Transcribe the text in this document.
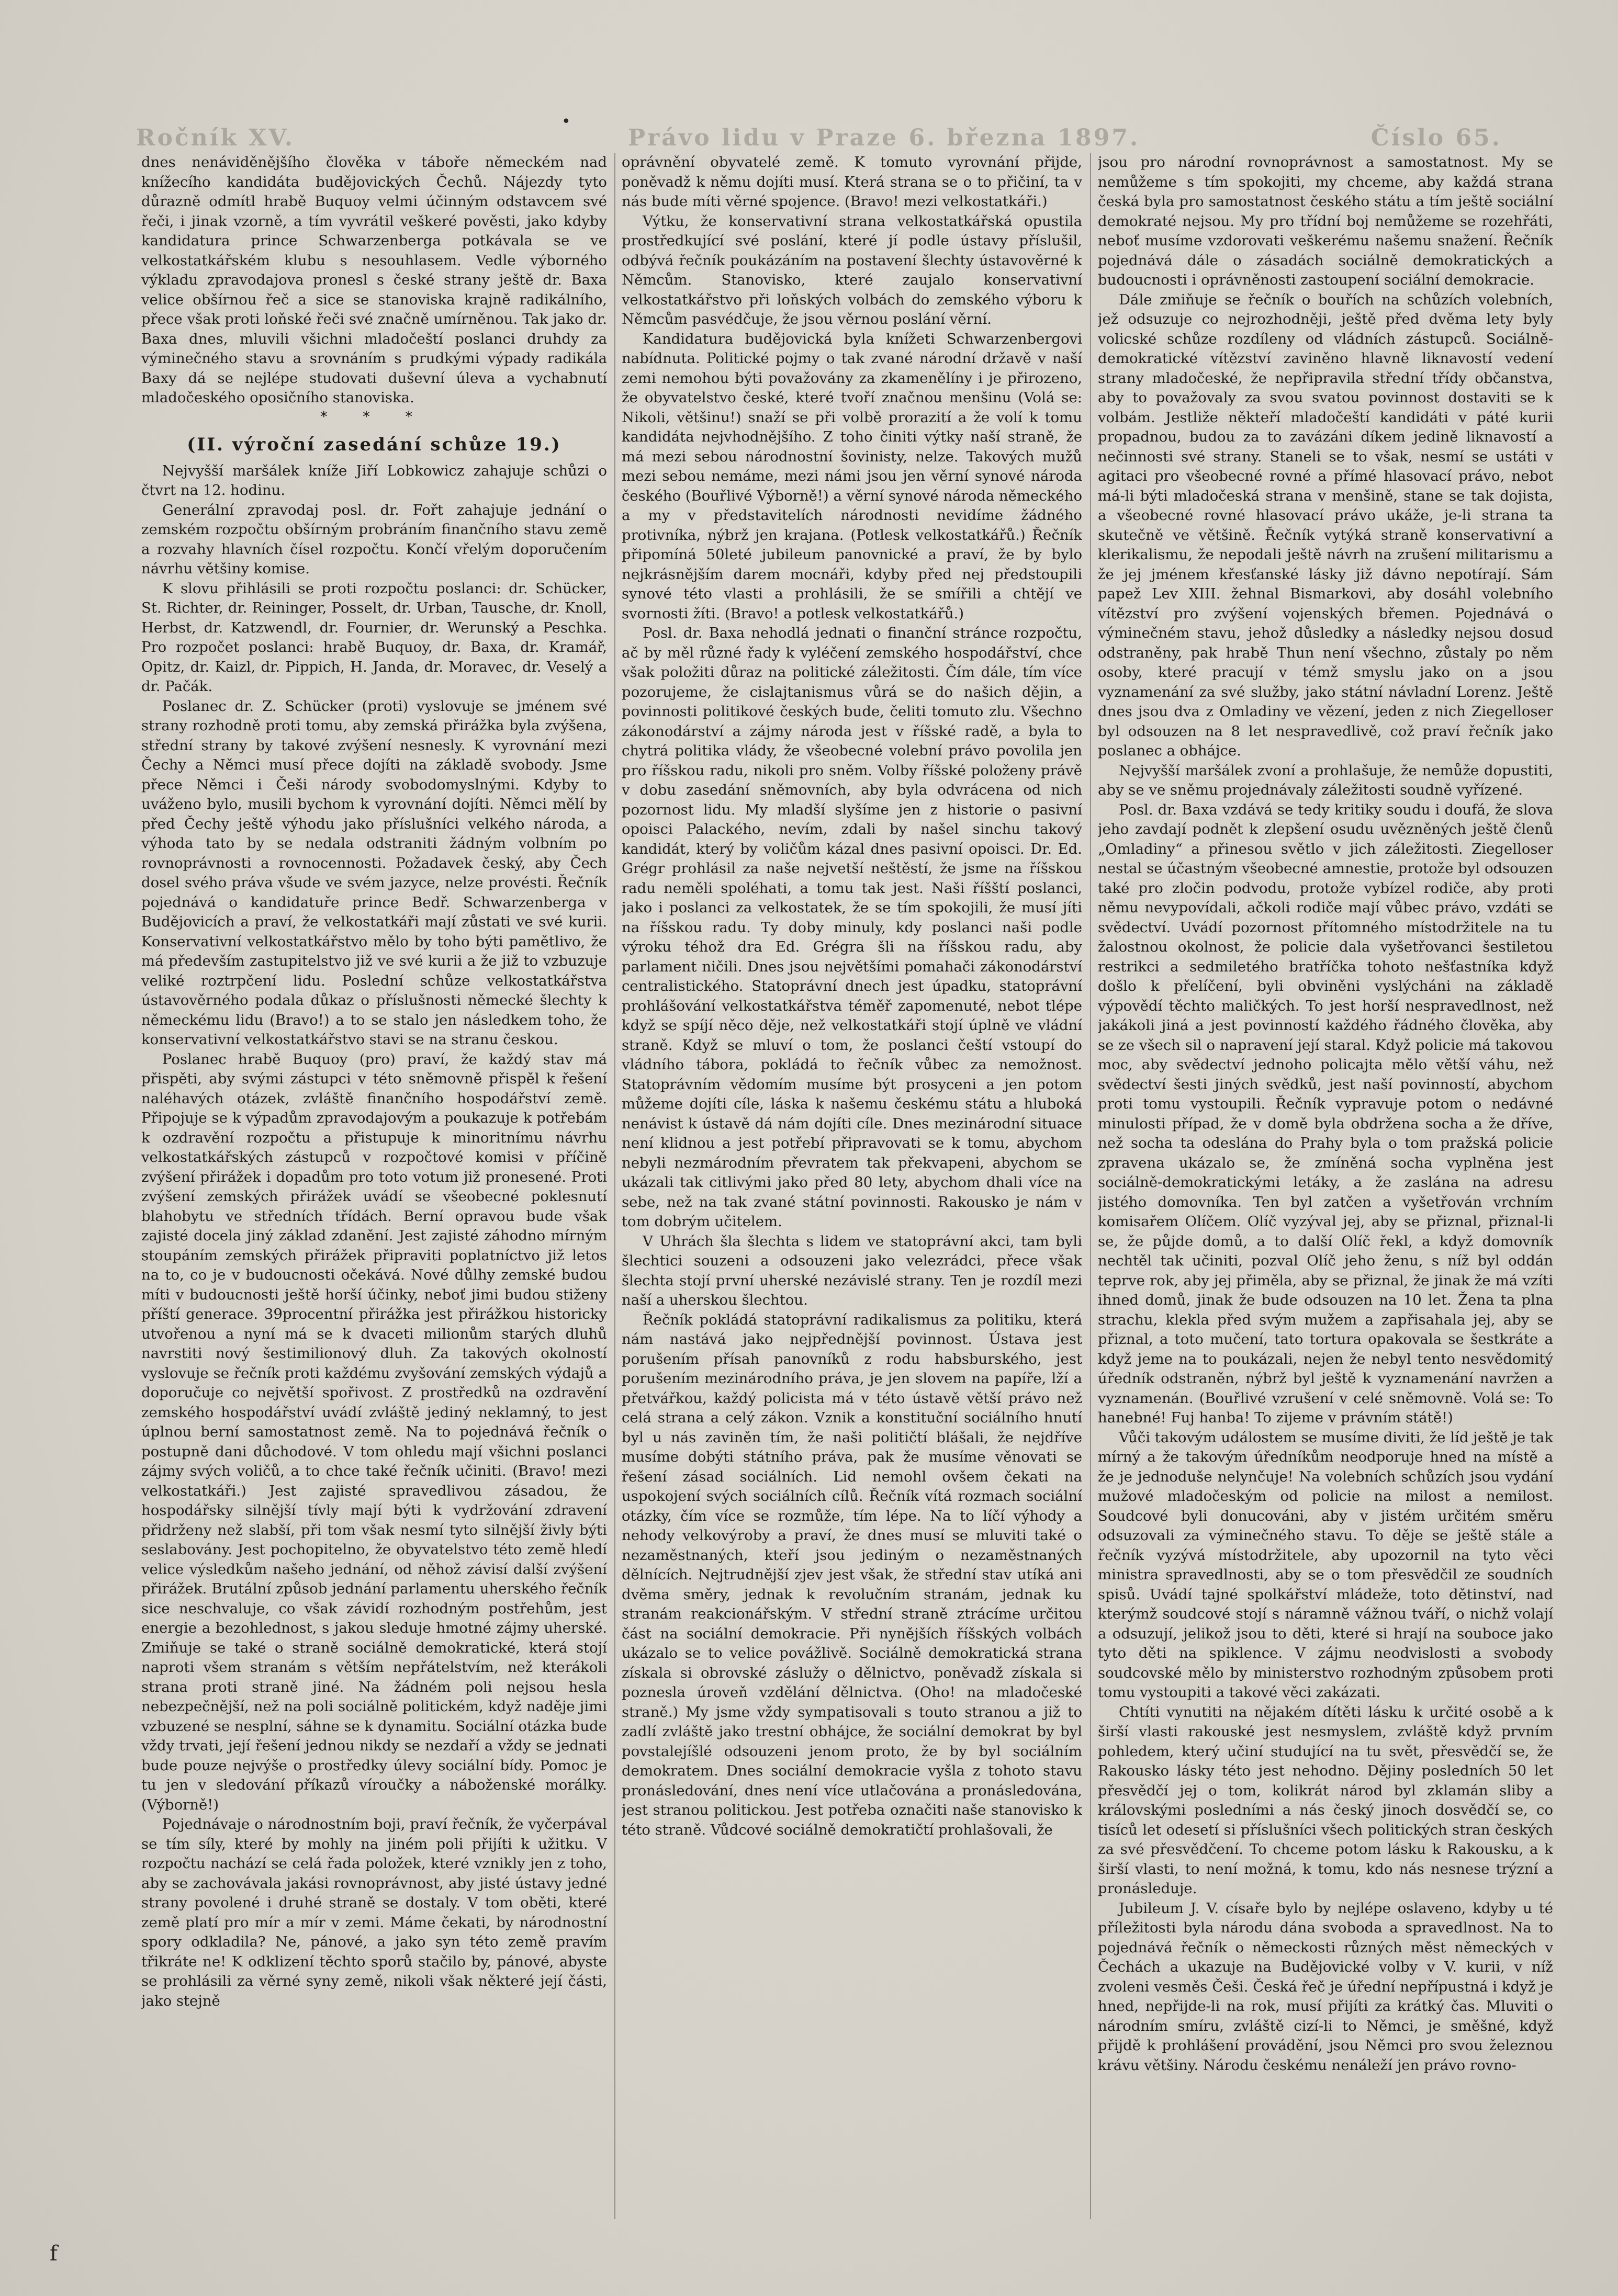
Ročník XV.	Právo lidu v Praze 6. března 1897.	Číslo 65.

dnes nenáviděnějšího člověka v táboře německém nad knížecího kandidáta budějovických Čechů. Nájezdy tyto důrazně odmítl hrabě Buquoy velmi účinným odstavcem své řeči, i jinak vzorně, a tím vyvrátil veškeré pověsti, jako kdyby kandidatura prince Schwarzenberga potkávala se ve velkostatkářském klubu s nesouhlasem. Vedle výborného výkladu zpravodajova pronesl s české strany ještě dr. Baxa velice obšírnou řeč a sice se stanoviska krajně radikálního, přece však proti loňské řeči své značně umírněnou. Tak jako dr. Baxa dnes, mluvili všichni mladočeští poslanci druhdy za výminečného stavu a srovnáním s prudkými výpady radikála Baxy dá se nejlépe studovati duševní úleva a vychabnutí mladočeského oposičního stanoviska.

* * *

(II. výroční zasedání schůze 19.)

Nejvyšší maršálek kníže Jiří Lobkowicz zahajuje schůzi o čtvrt na 12. hodinu.

Generální zpravodaj posl. dr. Fořt zahajuje jednání o zemském rozpočtu obšírným probráním finančního stavu země a rozvahy hlavních čísel rozpočtu. Končí vřelým doporučením návrhu většiny komise.

K slovu přihlásili se proti rozpočtu poslanci: dr. Schücker, St. Richter, dr. Reininger, Posselt, dr. Urban, Tausche, dr. Knoll, Herbst, dr. Katzwendl, dr. Fournier, dr. Werunský a Peschka. Pro rozpočet poslanci: hrabě Buquoy, dr. Baxa, dr. Kramář, Opitz, dr. Kaizl, dr. Pippich, H. Janda, dr. Moravec, dr. Veselý a dr. Pačák.

Poslanec dr. Z. Schücker (proti) vyslovuje se jménem své strany rozhodně proti tomu, aby zemská přirážka byla zvýšena, střední strany by takové zvýšení nesnesly. K vyrovnání mezi Čechy a Němci musí přece dojíti na základě svobody. Jsme přece Němci i Češi národy svobodomyslnými. Kdyby to uváženo bylo, musili bychom k vyrovnání dojíti. Němci mělí by před Čechy ještě výhodu jako příslušníci velkého národa, a výhoda tato by se nedala odstraniti žádným volbním po rovnoprávnosti a rovnocennosti. Požadavek český, aby Čech dosel svého práva všude ve svém jazyce, nelze provésti. Řečník pojednává o kandidatuře prince Bedř. Schwarzenberga v Budějovicích a praví, že velkostatkáři mají zůstati ve své kurii. Konservativní velkostatkářstvo mělo by toho býti pamětlivo, že má především zastupitelstvo již ve své kurii a že již to vzbuzuje veliké roztrpčení lidu. Poslední schůze velkostatkářstva ústavověrného podala důkaz o příslušnosti německé šlechty k německému lidu (Bravo!) a to se stalo jen následkem toho, že konservativní velkostatkářstvo stavi se na stranu českou.

Poslanec hrabě Buquoy (pro) praví, že každý stav má přispěti, aby svými zástupci v této sněmovně přispěl k řešení naléhavých otázek, zvláště finančního hospodářství země. Připojuje se k výpadům zpravodajovým a poukazuje k potřebám k ozdravění rozpočtu a přistupuje k minoritnímu návrhu velkostatkářských zástupců v rozpočtové komisi v příčině zvýšení přirážek i dopadům pro toto votum již pronesené. Proti zvýšení zemských přirážek uvádí se všeobecné poklesnutí blahobytu ve středních třídách. Berní opravou bude však zajisté docela jiný základ zdanění. Jest zajisté záhodno mírným stoupáním zemských přirážek připraviti poplatníctvo již letos na to, co je v budoucnosti očekává. Nové důlhy zemské budou míti v budoucnosti ještě horší účinky, neboť jimi budou stiženy příští generace. 39procentní přirážka jest přirážkou historicky utvořenou a nyní má se k dvaceti milionům starých dluhů navrstiti nový šestimilionový dluh. Za takových okolností vyslovuje se řečník proti každému zvyšování zemských výdajů a doporučuje co největší spořivost. Z prostředků na ozdravění zemského hospodářství uvádí zvláště jediný neklamný, to jest úplnou berní samostatnost země. Na to pojednává řečník o postupně dani důchodové. V tom ohledu mají všichni poslanci zájmy svých voličů, a to chce také řečník učiniti. (Bravo! mezi velkostatkáři.) Jest zajisté spravedlivou zásadou, že hospodářsky silnější tívly mají býti k vydržování zdravení přidrženy než slabší, při tom však nesmí tyto silnější živly býti seslabovány. Jest pochopitelno, že obyvatelstvo této země hledí velice výsledkům našeho jednání, od něhož závisí další zvýšení přirážek. Brutální způsob jednání parlamentu uherského řečník sice neschvaluje, co však závidí rozhodným postřehům, jest energie a bezohlednost, s jakou sleduje hmotné zájmy uherské. Zmiňuje se také o straně sociálně demokratické, která stojí naproti všem stranám s větším nepřátelstvím, než kterákoli strana proti straně jiné. Na žádném poli nejsou hesla nebezpečnější, než na poli sociálně politickém, když naděje jimi vzbuzené se nesplní, sáhne se k dynamitu. Sociální otázka bude vždy trvati, její řešení jednou nikdy se nezdaří a vždy se jednati bude pouze nejvýše o prostředky úlevy sociální bídy. Pomoc je tu jen v sledování příkazů víroučky a náboženské morálky. (Výborně!)

Pojednávaje o národnostním boji, praví řečník, že vyčerpával se tím síly, které by mohly na jiném poli přijíti k užitku. V rozpočtu nachází se celá řada položek, které vznikly jen z toho, aby se zachovávala jakási rovnoprávnost, aby jisté ústavy jedné strany povolené i druhé straně se dostaly. V tom oběti, které země platí pro mír a mír v zemi. Máme čekati, by národnostní spory odkladila? Ne, pánové, a jako syn této země pravím třikráte ne! K odklizení těchto sporů stačilo by, pánové, abyste se prohlásili za věrné syny země, nikoli však některé její části, jako stejně

oprávnění obyvatelé země. K tomuto vyrovnání přijde, poněvadž k němu dojíti musí. Která strana se o to přičiní, ta v nás bude míti věrné spojence. (Bravo! mezi velkostatkáři.)

Výtku, že konservativní strana velkostatkářská opustila prostředkující své poslání, které jí podle ústavy příslušil, odbývá řečník poukázáním na postavení šlechty ústavověrné k Němcům. Stanovisko, které zaujalo konservativní velkostatkářstvo při loňských volbách do zemského výboru k Němcům pasvédčuje, že jsou věrnou poslání věrní.

Kandidatura budějovická byla knížeti Schwarzenbergovi nabídnuta. Politické pojmy o tak zvané národní državě v naší zemi nemohou býti považovány za zkamenělíny i je přirozeno, že obyvatelstvo české, které tvoří značnou menšinu (Volá se: Nikoli, většinu!) snaží se při volbě prorazití a že volí k tomu kandidáta nejvhodnějšího. Z toho činiti výtky naší straně, že má mezi sebou národnostní šovinisty, nelze. Takových mužů mezi sebou nemáme, mezi námi jsou jen věrní synové národa českého (Bouřlivé Výborně!) a věrní synové národa německého a my v představitelích národnosti nevidíme žádného protivníka, nýbrž jen krajana. (Potlesk velkostatkářů.) Řečník připomíná 50leté jubileum panovnické a praví, že by bylo nejkrásnějším darem mocnáři, kdyby před nej předstoupili synové této vlasti a prohlásili, že se smířili a chtějí ve svornosti žíti. (Bravo! a potlesk velkostatkářů.)

Posl. dr. Baxa nehodlá jednati o finanční stránce rozpočtu, ač by měl různé řady k vyléčení zemského hospodářství, chce však položiti důraz na politické záležitosti. Čím dále, tím více pozorujeme, že cislajtanismus vůrá se do našich dějin, a povinnosti politikové českých bude, čeliti tomuto zlu. Všechno zákonodárství a zájmy národa jest v říšské radě, a byla to chytrá politika vlády, že všeobecné volební právo povolila jen pro říšskou radu, nikoli pro sněm. Volby říšské položeny právě v dobu zasedání sněmovních, aby byla odvrácena od nich pozornost lidu. My mladší slyšíme jen z historie o pasivní opoisci Palackého, nevím, zdali by našel sinchu takový kandidát, který by voličům kázal dnes pasivní opoisci. Dr. Ed. Grégr prohlásil za naše nejvetší neštěstí, že jsme na říšskou radu neměli spoléhati, a tomu tak jest. Naši říšští poslanci, jako i poslanci za velkostatek, že se tím spokojili, že musí jíti na říšskou radu. Ty doby minuly, kdy poslanci naši podle výroku téhož dra Ed. Grégra šli na říšskou radu, aby parlament ničili. Dnes jsou největšími pomahači zákonodárství centralistického. Statoprávní dnech jest úpadku, statoprávní prohlášování velkostatkářstva téměř zapomenuté, nebot tlépe když se spíjí něco děje, než velkostatkáři stojí úplně ve vládní straně. Když se mluví o tom, že poslanci čeští vstoupí do vládního tábora, pokládá to řečník vůbec za nemožnost. Statoprávním vědomím musíme být prosyceni a jen potom můžeme dojíti cíle, láska k našemu českému státu a hluboká nenávist k ústavě dá nám dojíti cíle. Dnes mezinárodní situace není klidnou a jest potřebí připravovati se k tomu, abychom nebyli nezmárodním převratem tak překvapeni, abychom se ukázali tak citlivými jako před 80 lety, abychom dhali více na sebe, než na tak zvané státní povinnosti. Rakousko je nám v tom dobrým učitelem.

V Uhrách šla šlechta s lidem ve statoprávní akci, tam byli šlechtici souzeni a odsouzeni jako velezrádci, přece však šlechta stojí první uherské nezávislé strany. Ten je rozdíl mezi naší a uherskou šlechtou.

Řečník pokládá statoprávní radikalismus za politiku, která nám nastává jako nejpřednější povinnost. Ústava jest porušením přísah panovníků z rodu habsburského, jest porušením mezinárodního práva, je jen slovem na papíře, lží a přetvářkou, každý policista má v této ústavě větší právo než celá strana a celý zákon. Vznik a konstituční sociálního hnutí byl u nás zaviněn tím, že naši političtí blášali, že nejdříve musíme dobýti státního práva, pak že musíme věnovati se řešení zásad sociálních. Lid nemohl ovšem čekati na uspokojení svých sociálních cílů. Řečník vítá rozmach sociální otázky, čím více se rozmůže, tím lépe. Na to líčí výhody a nehody velkovýroby a praví, že dnes musí se mluviti také o nezaměstnaných, kteří jsou jediným o nezaměstnaných dělnících. Nejtrudnější zjev jest však, že střední stav utíká ani dvěma směry, jednak k revolučním stranám, jednak ku stranám reakcionářským. V střední straně ztrácíme určitou část na sociální demokracie. Při nynějších říšských volbách ukázalo se to velice povážlivě. Sociálně demokratická strana získala si obrovské záslužy o dělnictvo, poněvadž získala si poznesla úroveň vzdělání dělnictva. (Oho! na mladočeské straně.) My jsme vždy sympatisovali s touto stranou a již to zadlí zvláště jako trestní obhájce, že sociální demokrat by byl povstalejíšlé odsouzeni jenom proto, že by byl sociálním demokratem. Dnes sociální demokracie vyšla z tohoto stavu pronásledování, dnes není více utlačována a pronásledována, jest stranou politickou. Jest potřeba označiti naše stanovisko k této straně. Vůdcové sociálně demokratičtí prohlašovali, že

jsou pro národní rovnoprávnost a samostatnost. My se nemůžeme s tím spokojiti, my chceme, aby každá strana česká byla pro samostatnost českého státu a tím ještě sociální demokraté nejsou. My pro třídní boj nemůžeme se rozehřáti, neboť musíme vzdorovati veškerému našemu snažení. Řečník pojednává dále o zásadách sociálně demokratických a budoucnosti i oprávněnosti zastoupení sociální demokracie.

Dále zmiňuje se řečník o bouřích na schůzích volebních, jež odsuzuje co nejrozhodněji, ještě před dvěma lety byly volicské schůze rozdíleny od vládních zástupců. Sociálně-demokratické vítězství zaviněno hlavně liknavostí vedení strany mladočeské, že nepřipravila střední třídy občanstva, aby to považovaly za svou svatou povinnost dostaviti se k volbám. Jestliže někteří mladočeští kandidáti v páté kurii propadnou, budou za to zavázáni díkem jedině liknavostí a nečinnosti své strany. Staneli se to však, nesmí se ustáti v agitaci pro všeobecné rovné a přímé hlasovací právo, nebot má-li býti mladočeská strana v menšině, stane se tak dojista, a všeobecné rovné hlasovací právo ukáže, je-li strana ta skutečně ve většině. Řečník vytýká straně konservativní a klerikalismu, že nepodali ještě návrh na zrušení militarismu a že jej jménem křesťanské lásky již dávno nepotírají. Sám papež Lev XIII. žehnal Bismarkovi, aby dosáhl volebního vítězství pro zvýšení vojenských břemen. Pojednává o výminečném stavu, jehož důsledky a následky nejsou dosud odstraněny, pak hrabě Thun není všechno, zůstaly po něm osoby, které pracují v témž smyslu jako on a jsou vyznamenání za své služby, jako státní návladní Lorenz. Ještě dnes jsou dva z Omladiny ve vězení, jeden z nich Ziegelloser byl odsouzen na 8 let nespravedlivě, což praví řečník jako poslanec a obhájce.

Nejvyšší maršálek zvoní a prohlašuje, že nemůže dopustiti, aby se ve sněmu projednávaly záležitosti soudně vyřízené.

Posl. dr. Baxa vzdává se tedy kritiky soudu i doufá, že slova jeho zavdají podnět k zlepšení osudu uvězněných ještě členů „Omladiny“ a přinesou světlo v jich záležitosti. Ziegelloser nestal se účastným všeobecné amnestie, protože byl odsouzen také pro zločin podvodu, protože vybízel rodiče, aby proti němu nevypovídali, ačkoli rodiče mají vůbec právo, vzdáti se svědectví. Uvádí pozornost přítomného místodržitele na tu žalostnou okolnost, že policie dala vyšetřovanci šestiletou restrikci a sedmiletého bratříčka tohoto nešťastníka když došlo k přelíčení, byli obviněni vyslýcháni na základě výpovědí těchto maličkých. To jest horší nespravedlnost, než jakákoli jiná a jest povinností každého řádného člověka, aby se ze všech sil o napravení její staral. Když policie má takovou moc, aby svědectví jednoho policajta mělo větší váhu, než svědectví šesti jiných svědků, jest naší povinností, abychom proti tomu vystoupili. Řečník vypravuje potom o nedávné minulosti případ, že v domě byla obdržena socha a že dříve, než socha ta odeslána do Prahy byla o tom pražská policie zpravena ukázalo se, že zmíněná socha vyplněna jest sociálně-demokratickými letáky, a že zaslána na adresu jistého domovníka. Ten byl zatčen a vyšetřován vrchním komisařem Olíčem. Olíč vyzýval jej, aby se přiznal, přiznal-li se, že půjde domů, a to další Olíč řekl, a když domovník nechtěl tak učiniti, pozval Olíč jeho ženu, s níž byl oddán teprve rok, aby jej přiměla, aby se přiznal, že jinak že má vzíti ihned domů, jinak že bude odsouzen na 10 let. Žena ta plna strachu, klekla před svým mužem a zapřisahala jej, aby se přiznal, a toto mučení, tato tortura opakovala se šestkráte a když jeme na to poukázali, nejen že nebyl tento nesvědomitý úředník odstraněn, nýbrž byl ještě k vyznamenání navržen a vyznamenán. (Bouřlivé vzrušení v celé sněmovně. Volá se: To hanebné! Fuj hanba! To zijeme v právním státě!)

Vůči takovým událostem se musíme diviti, že líd ještě je tak mírný a že takovým úředníkům neodporuje hned na místě a že je jednoduše nelynčuje! Na volebních schůzích jsou vydání mužové mladočeským od policie na milost a nemilost. Soudcové byli donucováni, aby v jistém určitém směru odsuzovali za výminečného stavu. To děje se ještě stále a řečník vyzývá místodržitele, aby upozornil na tyto věci ministra spravedlnosti, aby se o tom přesvědčil ze soudních spisů. Uvádí tajné spolkářství mládeže, toto dětinství, nad kterýmž soudcové stojí s náramně vážnou tváří, o nichž volají a odsuzují, jelikož jsou to děti, které si hrají na souboce jako tyto děti na spiklence. V zájmu neodvislosti a svobody soudcovské mělo by ministerstvo rozhodným způsobem proti tomu vystoupiti a takové věci zakázati.

Chtíti vynutiti na nějakém dítěti lásku k určité osobě a k širší vlasti rakouské jest nesmyslem, zvláště když prvním pohledem, který učiní studující na tu svět, přesvědčí se, že Rakousko lásky této jest nehodno. Dějiny posledních 50 let přesvědčí jej o tom, kolikrát národ byl zklamán sliby a královskými posledními a nás český jinoch dosvědčí se, co tisíců let odesetí si příslušníci všech politických stran českých za své přesvědčení. To chceme potom lásku k Rakousku, a k širší vlasti, to není možná, k tomu, kdo nás nesnese trýzní a pronásleduje.

Jubileum J. V. císaře bylo by nejlépe oslaveno, kdyby u té příležitosti byla národu dána svoboda a spravedlnost. Na to pojednává řečník o německosti různých měst německých v Čechách a ukazuje na Budějovické volby v V. kurii, v níž zvoleni vesměs Češi. Česká řeč je úřední nepřípustná i když je hned, nepřijde-li na rok, musí přijíti za krátký čas. Mluviti o národním smíru, zvláště cizí-li to Němci, je směšné, když přijdě k prohlášení provádění, jsou Němci pro svou železnou krávu většiny. Národu českému nenáleží jen právo rovno-

f
•
